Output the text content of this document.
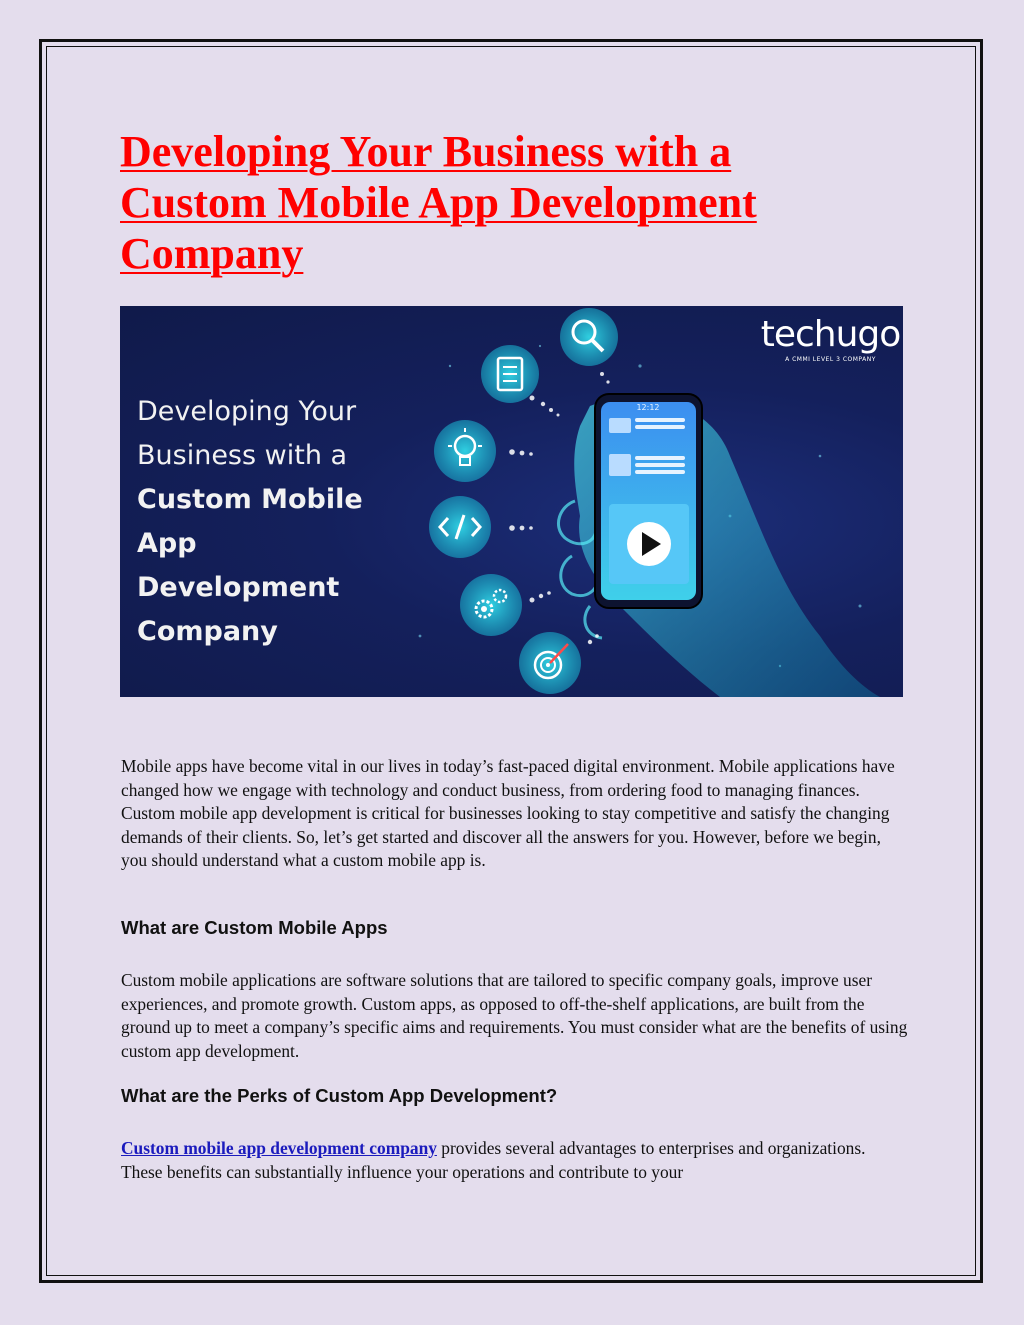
Developing Your Business with a Custom Mobile App Development Company
12:12
Developing Your
Business with a
Custom Mobile
App
Development
Company
techugo
A CMMI LEVEL 3 COMPANY

Mobile apps have become vital in our lives in today’s fast-paced digital environment. Mobile applications have changed how we engage with technology and conduct business, from ordering food to managing finances. Custom mobile app development is critical for businesses looking to stay competitive and satisfy the changing demands of their clients. So, let’s get started and discover all the answers for you. However, before we begin, you should understand what a custom mobile app is.

What are Custom Mobile Apps

Custom mobile applications are software solutions that are tailored to specific company goals, improve user experiences, and promote growth. Custom apps, as opposed to off-the-shelf applications, are built from the ground up to meet a company’s specific aims and requirements. You must consider what are the benefits of using custom app development.

What are the Perks of Custom App Development?

Custom mobile app development company provides several advantages to enterprises and organizations. These benefits can substantially influence your operations and contribute to your
